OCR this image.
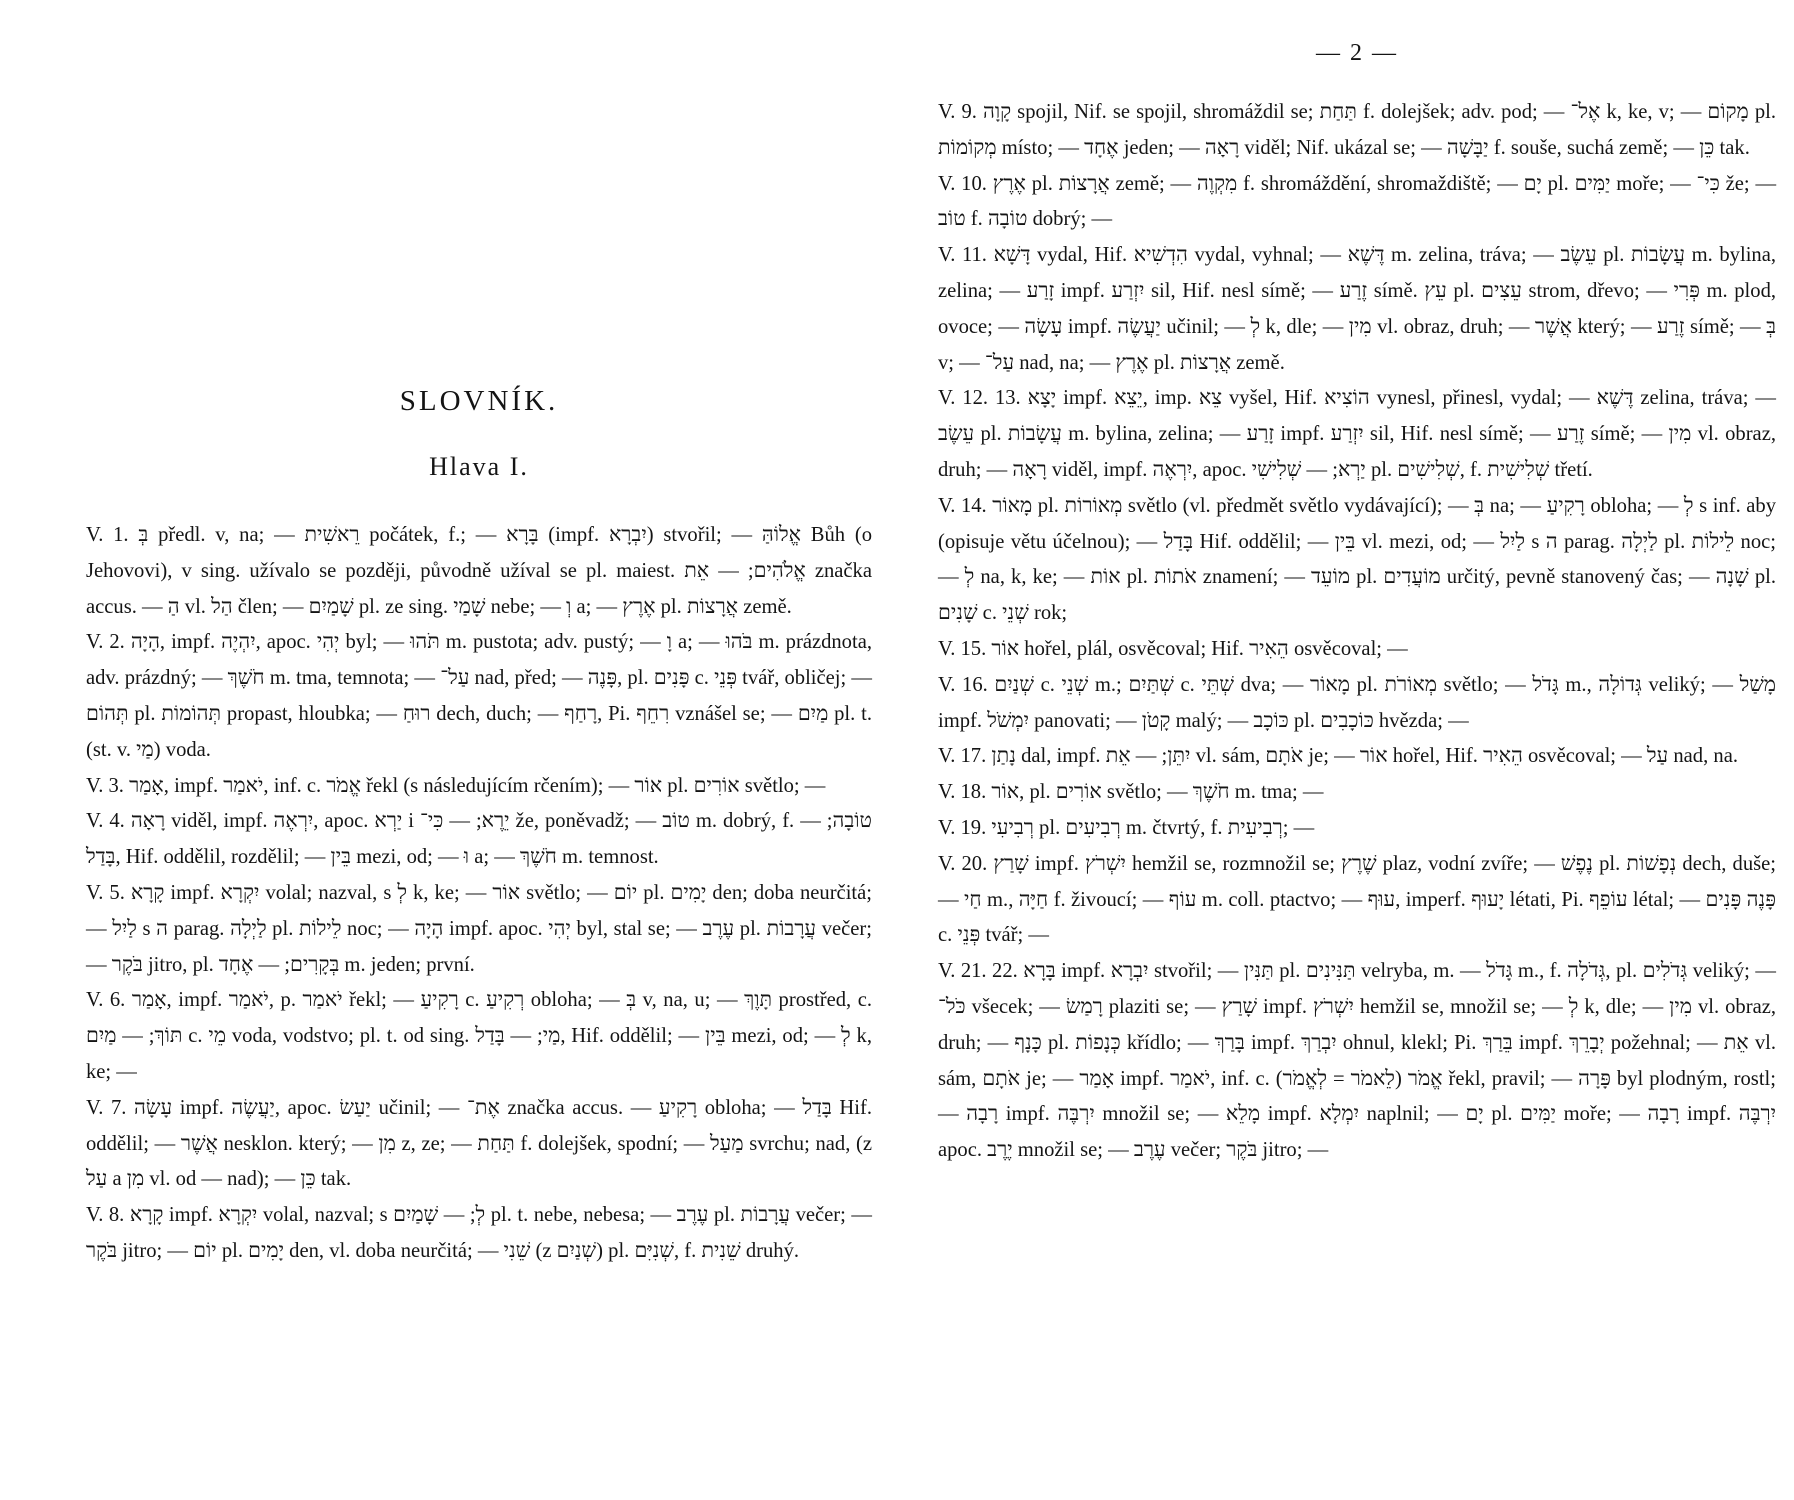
SLOVNÍK.
Hlava I.

V. 1. בְּ předl. v, na; — רֵאשִׁית počátek, f.; — בָּרָא (impf. יִבְרָא) stvořil; — אֱלוֹהַּ Bůh (o Jehovovi), v sing. užívalo se později, původně užíval se pl. maiest. אֱלֹהִים; — אֵת značka accus. — הַ vl. הַל člen; — שָׁמַיִם pl. ze sing. שָׁמַי nebe; — וְ a; — אֶרֶץ pl. אֲרָצוֹת země.

V. 2. הָיָה, impf. יִהְיֶה, apoc. יְהִי byl; — תֹּהוּ m. pustota; adv. pustý; — וָ a; — בֹּהוּ m. prázdnota, adv. prázdný; — חֹשֶׁךְ m. tma, temnota; — עַל־ nad, před; — פָּנֶה, pl. פָּנִים c. פְּנֵי tvář, obličej; — תְּהוֹם pl. תְּהוֹמוֹת propast, hloubka; — רוּחַ dech, duch; — רָחַף, Pi. רִחֵף vznášel se; — מַיִם pl. t. (st. v. מַי) voda.

V. 3. אָמַר, impf. יֹאמַר, inf. c. אֱמֹר řekl (s následujícím rčením); — אוֹר pl. אוֹרִים světlo; —

V. 4. רָאָה viděl, impf. יִרְאֶה, apoc. יַרְא i יֵרֶא; — כִּי־ že, poněvadž; — טוֹב m. dobrý, f. טוֹבָה; — בָּדַל, Hif. oddělil, rozdělil; — בֵּין mezi, od; — וּ a; — חֹשֶׁךְ m. temnost.

V. 5. קָרָא impf. יִקְרָא volal; nazval, s לְ k, ke; — אוֹר světlo; — יוֹם pl. יָמִים den; doba neurčitá; — לַיִל s ה parag. לַיְלָה pl. לֵילוֹת noc; — הָיָה impf. apoc. יְהִי byl, stal se; — עֶרֶב pl. עֲרָבוֹת večer; — בֹּקֶר jitro, pl. בְּקָרִים; — אֶחָד m. jeden; první.

V. 6. אָמַר, impf. יֹאמַר, p. יֹאמַר řekl; — רָקִיעַ c. רְקִיעַ obloha; — בְּ v, na, u; — תָּוֶךְ prostřed, c. תּוֹךְ; — מַיִם c. מֵי voda, vodstvo; pl. t. od sing. מַי; — בָּדַל, Hif. oddělil; — בֵּין mezi, od; — לְ k, ke; —

V. 7. עָשָׂה impf. יַעֲשֶׂה, apoc. יַעַשׂ učinil; — אֶת־ značka accus. — רָקִיעַ obloha; — בָּדַל Hif. oddělil; — אֲשֶׁר nesklon. který; — מִן z, ze; — תַּחַת f. dolejšek, spodní; — מַעַל svrchu; nad, (z עַל a מִן vl. od — nad); — כֵּן tak.

V. 8. קָרָא impf. יִקְרָא volal, nazval; s לְ; — שָׁמַיִם pl. t. nebe, nebesa; — עֶרֶב pl. עֲרָבוֹת večer; — בֹּקֶר jitro; — יוֹם pl. יָמִים den, vl. doba neurčitá; — שֵׁנִי (z שְׁנַיִם) pl. שְׁנִיִּם, f. שֵׁנִית druhý.

— 2 —

V. 9. קָוָה spojil, Nif. se spojil, shromáždil se; תַּחַת f. dolejšek; adv. pod; — אֶל־ k, ke, v; — מָקוֹם pl. מְקוֹמוֹת místo; — אֶחָד jeden; — רָאָה viděl; Nif. ukázal se; — יַבָּשָׁה f. souše, suchá země; — כֵּן tak.

V. 10. אֶרֶץ pl. אֲרָצוֹת země; — מִקְוֶה f. shromáždění, shromaždiště; — יָם pl. יַמִּים moře; — כִּי־ že; — טוֹב f. טוֹבָה dobrý; —

V. 11. דָּשָׁא vydal, Hif. הִדְשִׁיא vydal, vyhnal; — דֶּשֶׁא m. zelina, tráva; — עֵשֶׂב pl. עֲשָׂבוֹת m. bylina, zelina; — זָרַע impf. יִזְרַע sil, Hif. nesl símě; — זֶרַע símě. עֵץ pl. עֵצִים strom, dřevo; — פְּרִי m. plod, ovoce; — עָשָׂה impf. יַעֲשֶׂה učinil; — לְ k, dle; — מִין vl. obraz, druh; — אֲשֶׁר který; — זֶרַע símě; — בְּ v; — עַל־ nad, na; — אֶרֶץ pl. אֲרָצוֹת země.

V. 12. 13. יָצָא impf. יֵצֵא, imp. צֵא vyšel, Hif. הוֹצִיא vynesl, přinesl, vydal; — דֶּשֶׁא zelina, tráva; — עֵשֶׂב pl. עֲשָׂבוֹת m. bylina, zelina; — זָרַע impf. יִזְרַע sil, Hif. nesl símě; — זֶרַע símě; — מִין vl. obraz, druh; — רָאָה viděl, impf. יִרְאֶה, apoc. יַרְא; — שְׁלִישִׁי pl. שְׁלִישִׁים, f. שְׁלִישִׁית třetí.

V. 14. מָאוֹר pl. מְאוֹרוֹת světlo (vl. předmět světlo vydávající); — בְּ na; — רָקִיעַ obloha; — לְ s inf. aby (opisuje větu účelnou); — בָּדַל Hif. oddělil; — בֵּין vl. mezi, od; — לַיִל s ה parag. לַיְלָה pl. לֵילוֹת noc; — לְ na, k, ke; — אוֹת pl. אֹתוֹת znamení; — מוֹעֵד pl. מוֹעֲדִים určitý, pevně stanovený čas; — שָׁנָה pl. שָׁנִים c. שְׁנֵי rok;

V. 15. אוֹר hořel, plál, osvěcoval; Hif. הֵאִיר osvěcoval; —

V. 16. שְׁנַיִם c. שְׁנֵי m.; שְׁתַּיִם c. שְׁתֵּי dva; — מָאוֹר pl. מְאוֹרֹת světlo; — גָּדֹל m., גְּדוֹלָה veliký; — מָשַׁל impf. יִמְשֹׁל panovati; — קָטֹן malý; — כּוֹכָב pl. כּוֹכָבִים hvězda; —

V. 17. נָתַן dal, impf. יִתֵּן; — אֵת vl. sám, אֹתָם je; — אוֹר hořel, Hif. הֵאִיר osvěcoval; — עַל nad, na.

V. 18. אוֹר, pl. אוֹרִים světlo; — חֹשֶׁךְ m. tma; —

V. 19. רְבִיעִי pl. רְבִיעִים m. čtvrtý, f. רְבִיעִית; —

V. 20. שָׁרַץ impf. יִשְׁרֹץ hemžil se, rozmnožil se; שֶׁרֶץ plaz, vodní zvíře; — נֶפֶשׁ pl. נְפָשׁוֹת dech, duše; — חַי m., חַיָּה f. živoucí; — עוֹף m. coll. ptactvo; — עוּף, imperf. יָעוּף létati, Pi. עוֹפֵף létal; — פָּנֶה פָּנִים c. פְּנֵי tvář; —

V. 21. 22. בָּרָא impf. יִבְרָא stvořil; — תַּנִּין pl. תַּנִּינִים velryba, m. — גָּדֹל m., f. גְּדֹלָה, pl. גְּדֹלִים veliký; — כֹּל־ všecek; — רָמַשׂ plaziti se; — שָׁרַץ impf. יִשְׁרֹץ hemžil se, množil se; — לְ k, dle; — מִין vl. obraz, druh; — כָּנָף pl. כְּנָפוֹת křídlo; — בָּרַךְ impf. יִבְרַךְ ohnul, klekl; Pi. בֵּרַךְ impf. יְבָרֵךְ požehnal; — אֵת vl. sám, אֹתָם je; — אָמַר impf. יֹאמַר, inf. c. אֱמֹר (לֵאמֹר = לְאֱמֹר) řekl, pravil; — פָּרָה byl plodným, rostl; — רָבָה impf. יִרְבֶּה množil se; — מָלֵא impf. יִמְלָא naplnil; — יָם pl. יַמִּים moře; — רָבָה impf. יִרְבֶּה apoc. יֶרֶב množil se; — עֶרֶב večer; בֹּקֶר jitro; —
